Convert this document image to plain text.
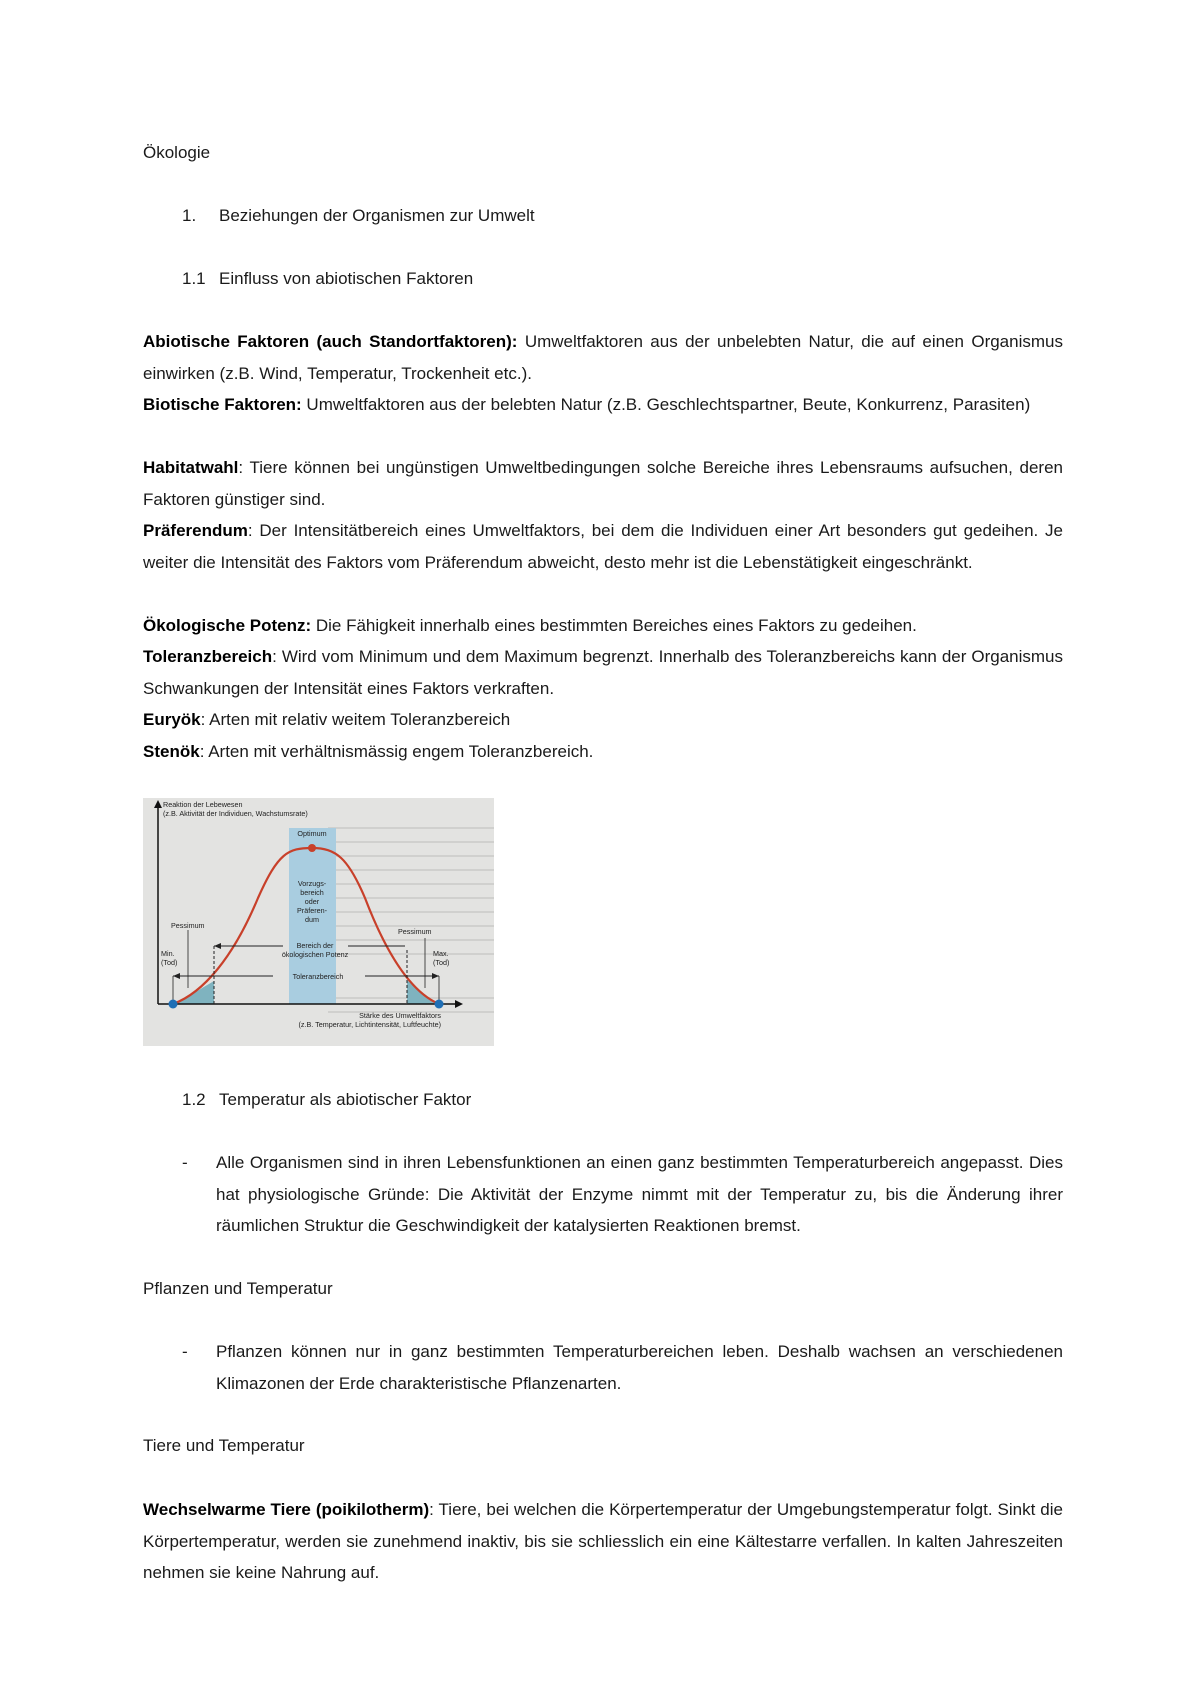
Ökologie
1. Beziehungen der Organismen zur Umwelt
1.1 Einfluss von abiotischen Faktoren
Abiotische Faktoren (auch Standortfaktoren): Umweltfaktoren aus der unbelebten Natur, die auf einen Organismus einwirken (z.B. Wind, Temperatur, Trockenheit etc.).
Biotische Faktoren: Umweltfaktoren aus der belebten Natur (z.B. Geschlechtspartner, Beute, Konkurrenz, Parasiten)
Habitatwahl: Tiere können bei ungünstigen Umweltbedingungen solche Bereiche ihres Lebensraums aufsuchen, deren Faktoren günstiger sind.
Präferendum: Der Intensitätbereich eines Umweltfaktors, bei dem die Individuen einer Art besonders gut gedeihen. Je weiter die Intensität des Faktors vom Präferendum abweicht, desto mehr ist die Lebenstätigkeit eingeschränkt.
Ökologische Potenz: Die Fähigkeit innerhalb eines bestimmten Bereiches eines Faktors zu gedeihen.
Toleranzbereich: Wird vom Minimum und dem Maximum begrenzt. Innerhalb des Toleranzbereichs kann der Organismus Schwankungen der Intensität eines Faktors verkraften.
Euryök: Arten mit relativ weitem Toleranzbereich
Stenök: Arten mit verhältnismässig engem Toleranzbereich.
Reaktion der Lebewesen
(z.B. Aktivität der Individuen, Wachstumsrate)
Optimum
Vorzugs-
bereich
oder
Präferen-
dum
Pessimum
Pessimum
Min.
(Tod)
Max.
(Tod)
Bereich der
ökologischen Potenz
Toleranzbereich
Stärke des Umweltfaktors
(z.B. Temperatur, Lichtintensität, Luftfeuchte)
1.2 Temperatur als abiotischer Faktor
- Alle Organismen sind in ihren Lebensfunktionen an einen ganz bestimmten Temperaturbereich angepasst. Dies hat physiologische Gründe: Die Aktivität der Enzyme nimmt mit der Temperatur zu, bis die Änderung ihrer räumlichen Struktur die Geschwindigkeit der katalysierten Reaktionen bremst.
Pflanzen und Temperatur
- Pflanzen können nur in ganz bestimmten Temperaturbereichen leben. Deshalb wachsen an verschiedenen Klimazonen der Erde charakteristische Pflanzenarten.
Tiere und Temperatur
Wechselwarme Tiere (poikilotherm): Tiere, bei welchen die Körpertemperatur der Umgebungstemperatur folgt. Sinkt die Körpertemperatur, werden sie zunehmend inaktiv, bis sie schliesslich ein eine Kältestarre verfallen. In kalten Jahreszeiten nehmen sie keine Nahrung auf.
